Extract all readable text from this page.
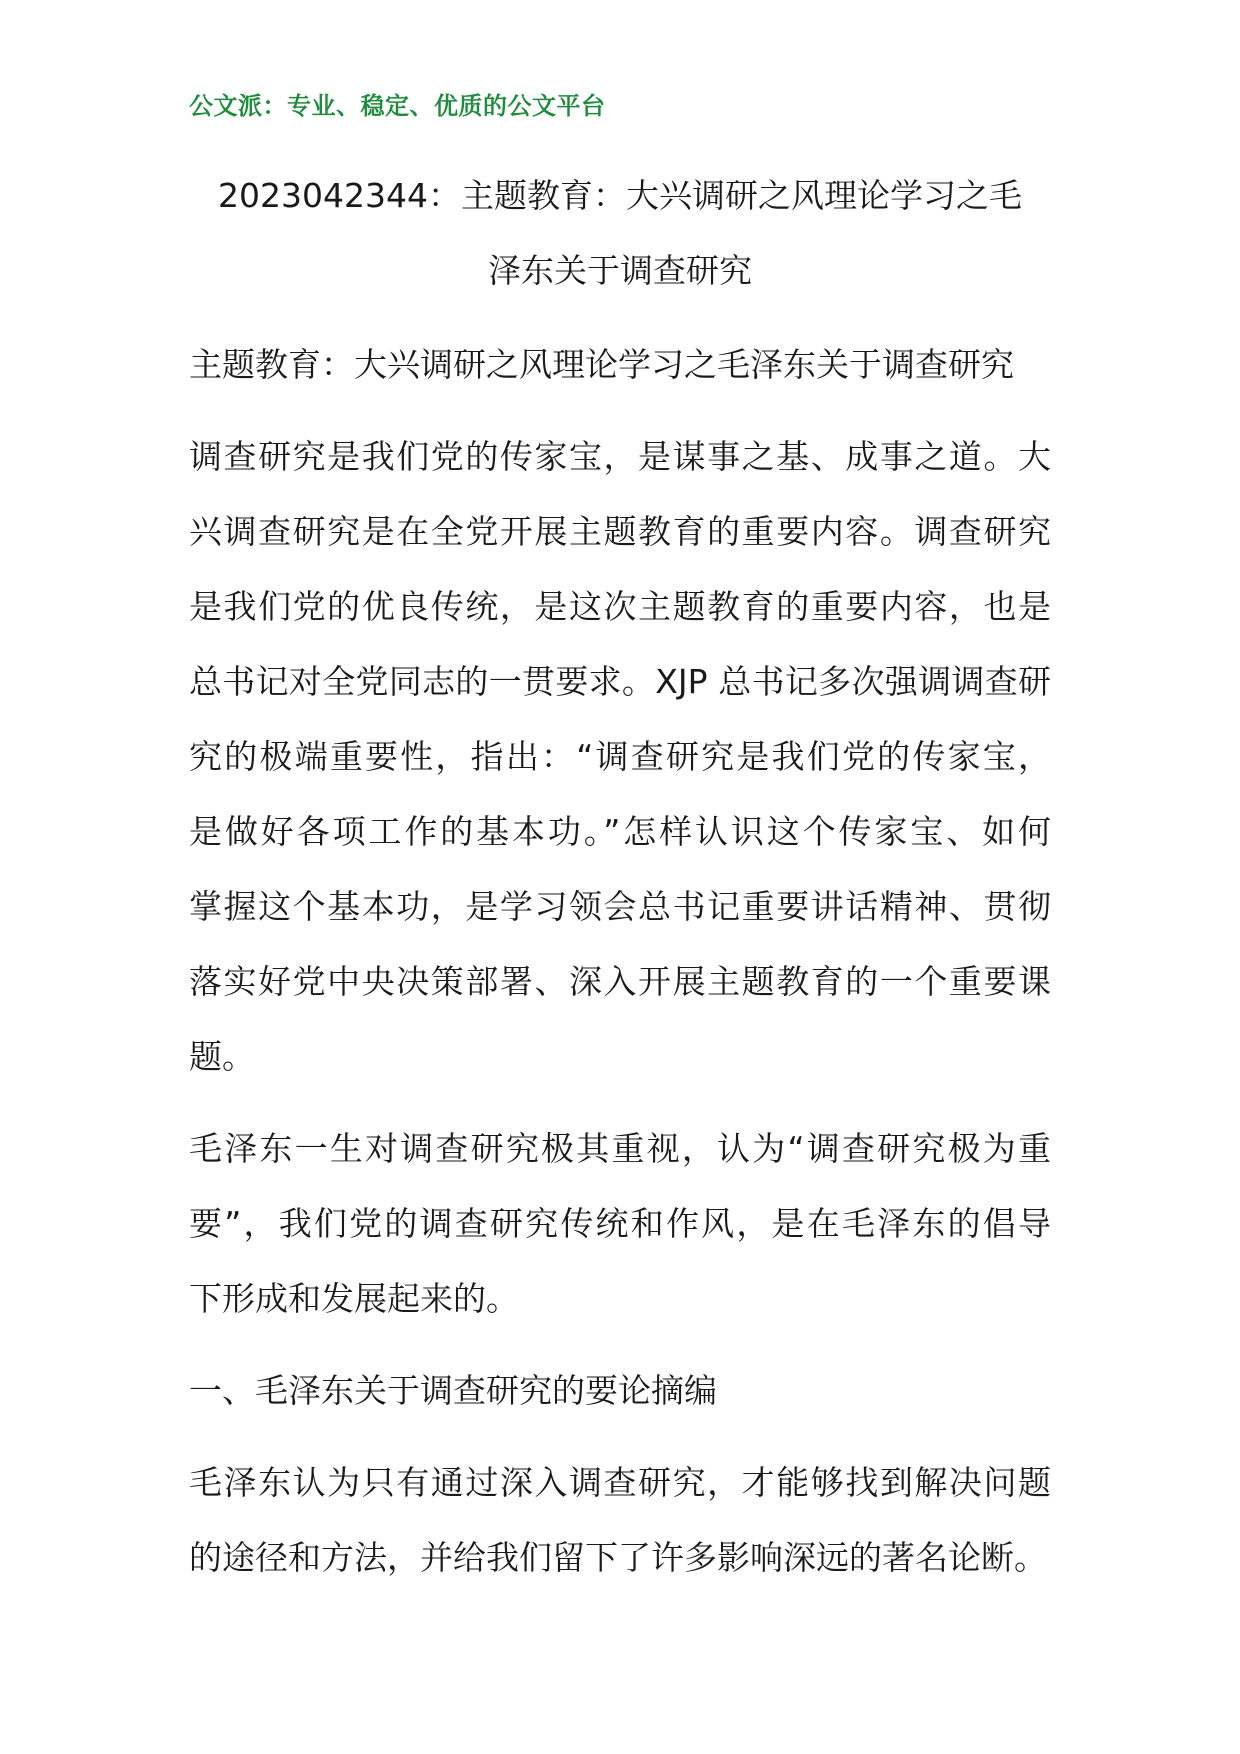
公文派：专业、稳定、优质的公文平台
2023042344：主题教育：大兴调研之风理论学习之毛
泽东关于调查研究

主题教育：大兴调研之风理论学习之毛泽东关于调查研究

调查研究是我们党的传家宝，是谋事之基、成事之道。大
兴调查研究是在全党开展主题教育的重要内容。调查研究
是我们党的优良传统，是这次主题教育的重要内容，也是
总书记对全党同志的一贯要求。XJP 总书记多次强调调查研
究的极端重要性，指出：“调查研究是我们党的传家宝，
是做好各项工作的基本功。”怎样认识这个传家宝、如何
掌握这个基本功，是学习领会总书记重要讲话精神、贯彻
落实好党中央决策部署、深入开展主题教育的一个重要课
题。

毛泽东一生对调查研究极其重视，认为“调查研究极为重
要”，我们党的调查研究传统和作风，是在毛泽东的倡导
下形成和发展起来的。

一、毛泽东关于调查研究的要论摘编

毛泽东认为只有通过深入调查研究，才能够找到解决问题
的途径和方法，并给我们留下了许多影响深远的著名论断。
